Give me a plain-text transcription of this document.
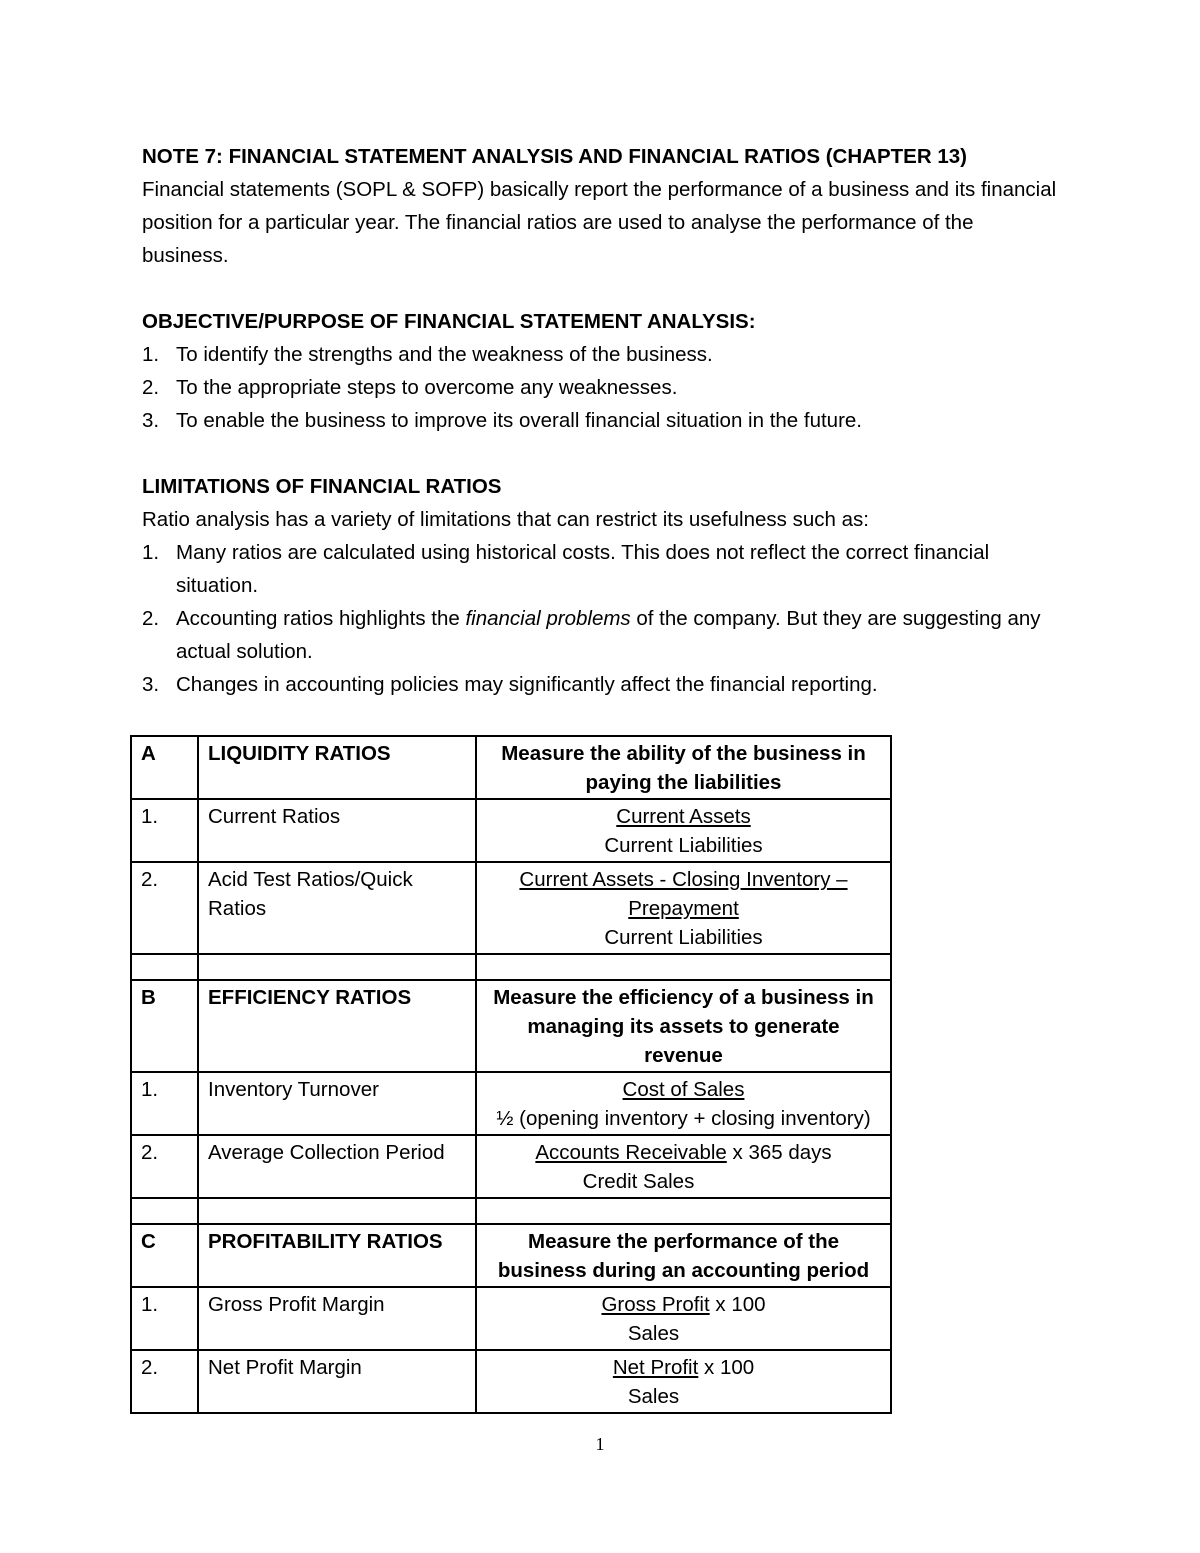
NOTE 7: FINANCIAL STATEMENT ANALYSIS AND FINANCIAL RATIOS (CHAPTER 13)

Financial statements (SOPL & SOFP) basically report the performance of a business and its financial position for a particular year. The financial ratios are used to analyse the performance of the business.

OBJECTIVE/PURPOSE OF FINANCIAL STATEMENT ANALYSIS:

1. To identify the strengths and the weakness of the business.
2. To the appropriate steps to overcome any weaknesses.
3. To enable the business to improve its overall financial situation in the future.

LIMITATIONS OF FINANCIAL RATIOS

Ratio analysis has a variety of limitations that can restrict its usefulness such as:

1. Many ratios are calculated using historical costs. This does not reflect the correct financial situation.
2. Accounting ratios highlights the financial problems of the company. But they are suggesting any actual solution.
3. Changes in accounting policies may significantly affect the financial reporting.
A	LIQUIDITY RATIOS	Measure the ability of the business in paying the liabilities
1.	Current Ratios	Current Assets
Current Liabilities

2.	Acid Test Ratios/Quick Ratios	Current Assets - Closing Inventory –
Prepayment
Current Liabilities

B	EFFICIENCY RATIOS	Measure the efficiency of a business in managing its assets to generate revenue
1.	Inventory Turnover	Cost of Sales
½ (opening inventory + closing inventory)

2.	Average Collection Period	Accounts Receivable x 365 days
Credit Sales

C	PROFITABILITY RATIOS	Measure the performance of the business during an accounting period
1.	Gross Profit Margin	Gross Profit x 100
Sales

2.	Net Profit Margin	Net Profit x 100
Sales
1
